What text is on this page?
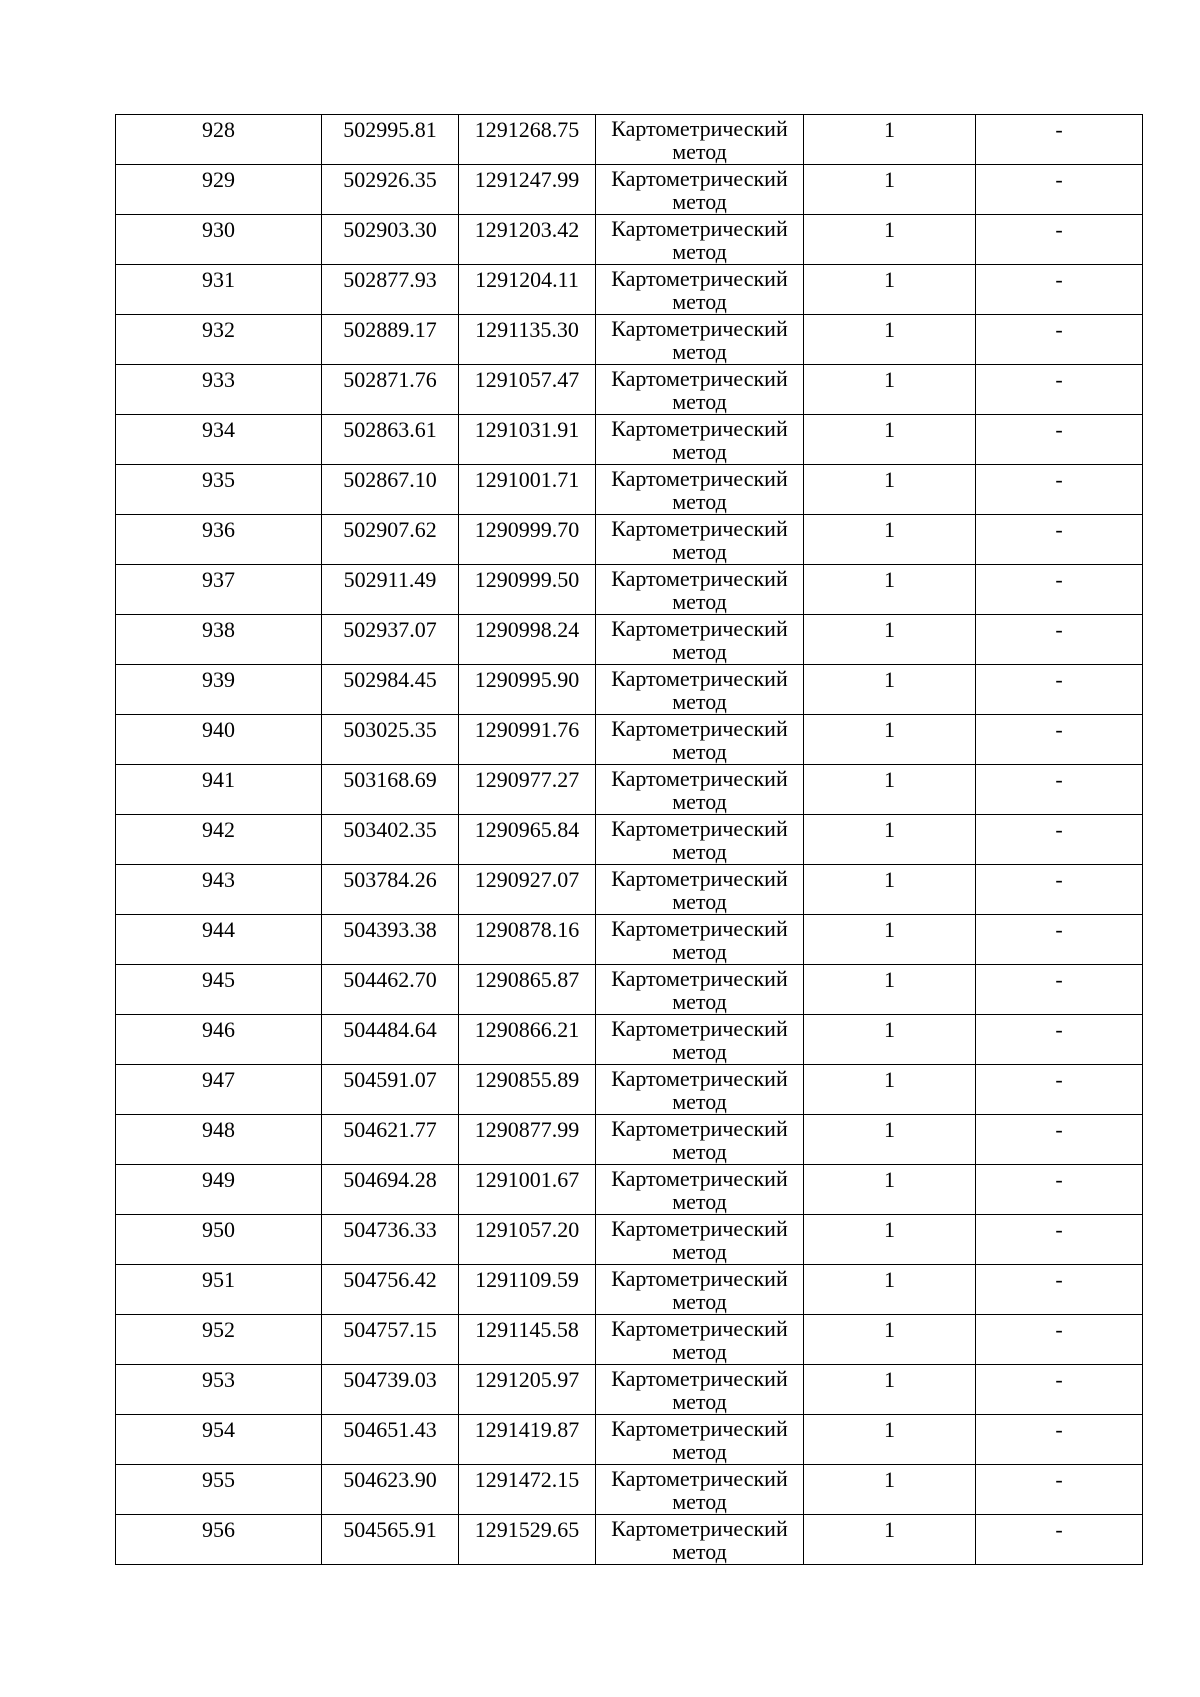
928	502995.81	1291268.75	Картометрический метод	1	-

929	502926.35	1291247.99	Картометрический метод	1	-

930	502903.30	1291203.42	Картометрический метод	1	-

931	502877.93	1291204.11	Картометрический метод	1	-

932	502889.17	1291135.30	Картометрический метод	1	-

933	502871.76	1291057.47	Картометрический метод	1	-

934	502863.61	1291031.91	Картометрический метод	1	-

935	502867.10	1291001.71	Картометрический метод	1	-

936	502907.62	1290999.70	Картометрический метод	1	-

937	502911.49	1290999.50	Картометрический метод	1	-

938	502937.07	1290998.24	Картометрический метод	1	-

939	502984.45	1290995.90	Картометрический метод	1	-

940	503025.35	1290991.76	Картометрический метод	1	-

941	503168.69	1290977.27	Картометрический метод	1	-

942	503402.35	1290965.84	Картометрический метод	1	-

943	503784.26	1290927.07	Картометрический метод	1	-

944	504393.38	1290878.16	Картометрический метод	1	-

945	504462.70	1290865.87	Картометрический метод	1	-

946	504484.64	1290866.21	Картометрический метод	1	-

947	504591.07	1290855.89	Картометрический метод	1	-

948	504621.77	1290877.99	Картометрический метод	1	-

949	504694.28	1291001.67	Картометрический метод	1	-

950	504736.33	1291057.20	Картометрический метод	1	-

951	504756.42	1291109.59	Картометрический метод	1	-

952	504757.15	1291145.58	Картометрический метод	1	-

953	504739.03	1291205.97	Картометрический метод	1	-

954	504651.43	1291419.87	Картометрический метод	1	-

955	504623.90	1291472.15	Картометрический метод	1	-

956	504565.91	1291529.65	Картометрический метод	1	-
